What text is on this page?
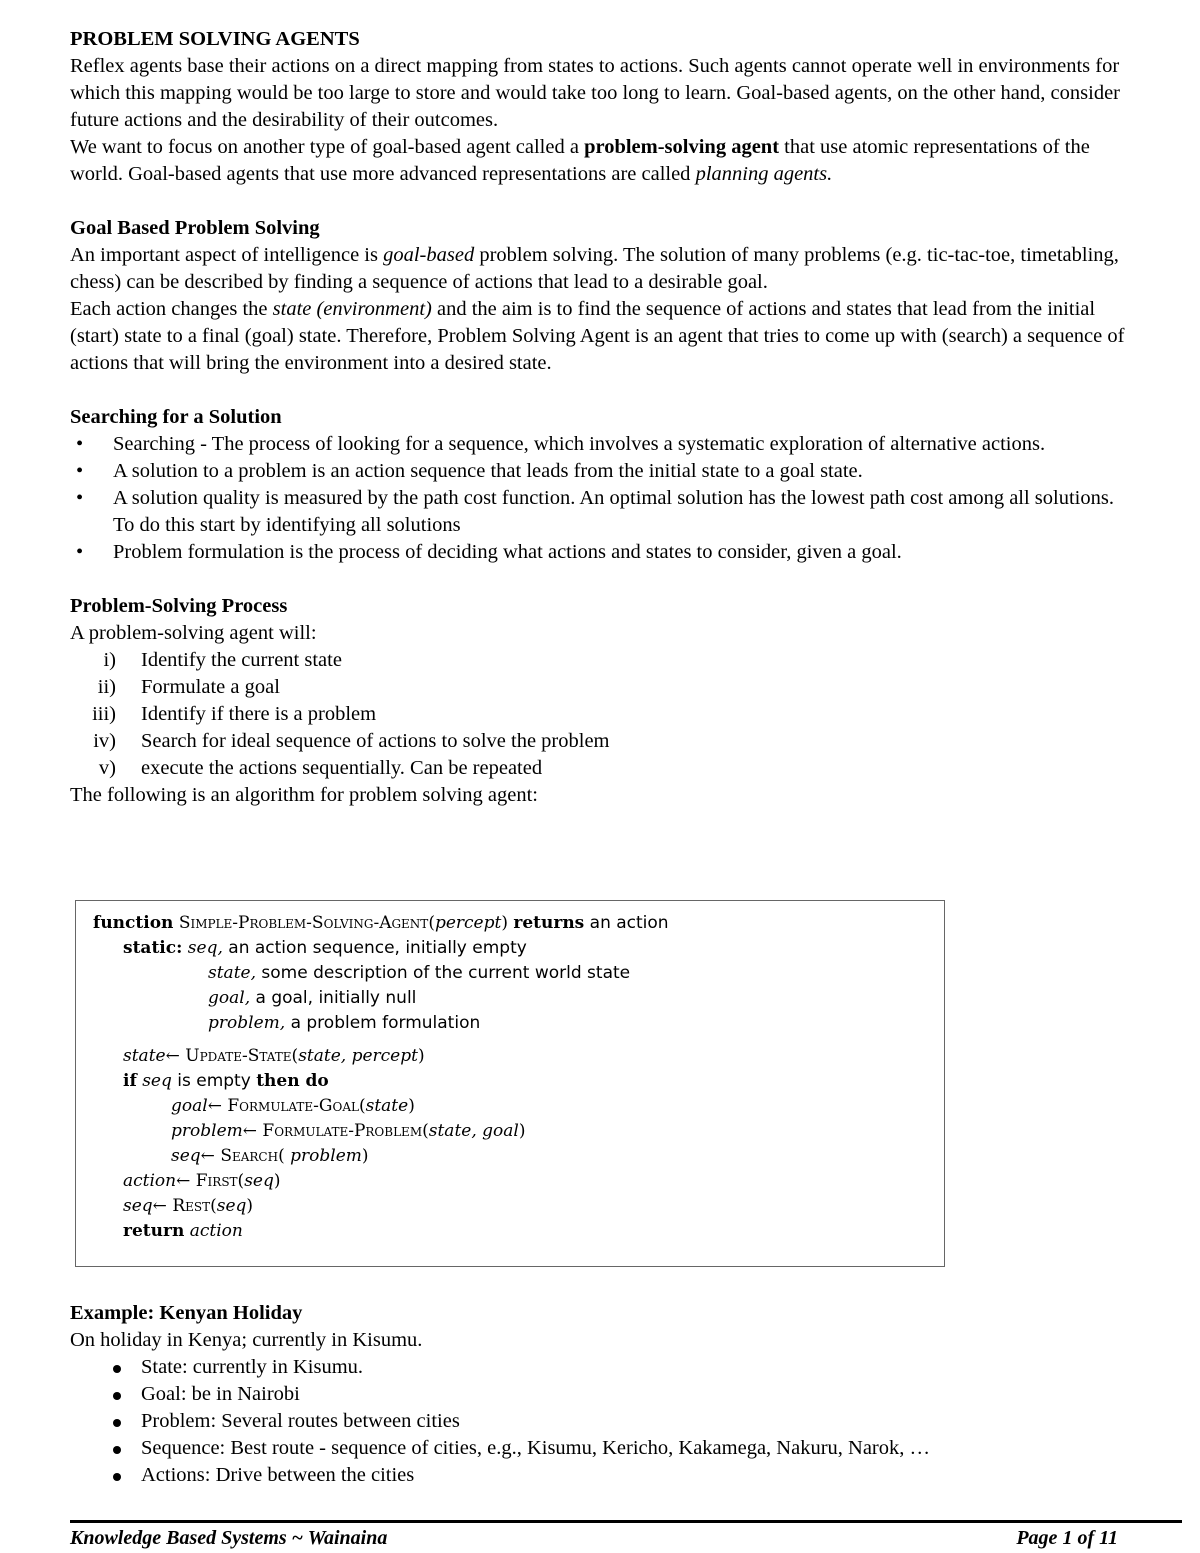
PROBLEM SOLVING AGENTS

Reflex agents base their actions on a direct mapping from states to actions. Such agents cannot operate well in environments for which this mapping would be too large to store and would take too long to learn. Goal-based agents, on the other hand, consider future actions and the desirability of their outcomes.

We want to focus on another type of goal-based agent called a problem-solving agent that use atomic representations of the world. Goal-based agents that use more advanced representations are called planning agents.

Goal Based Problem Solving

An important aspect of intelligence is goal-based problem solving. The solution of many problems (e.g. tic-tac-toe, timetabling, chess) can be described by finding a sequence of actions that lead to a desirable goal.

Each action changes the state (environment) and the aim is to find the sequence of actions and states that lead from the initial (start) state to a final (goal) state. Therefore, Problem Solving Agent is an agent that tries to come up with (search) a sequence of actions that will bring the environment into a desired state.

Searching for a Solution
• Searching - The process of looking for a sequence, which involves a systematic exploration of alternative actions.
• A solution to a problem is an action sequence that leads from the initial state to a goal state.
• A solution quality is measured by the path cost function. An optimal solution has the lowest path cost among all solutions. To do this start by identifying all solutions
• Problem formulation is the process of deciding what actions and states to consider, given a goal.
Problem-Solving Process

A problem-solving agent will:

i) Identify the current state
ii) Formulate a goal
iii) Identify if there is a problem
iv) Search for ideal sequence of actions to solve the problem
v) execute the actions sequentially. Can be repeated

The following is an algorithm for problem solving agent:

function Simple-Problem-Solving-Agent(percept) returns an action
static: seq, an action sequence, initially empty
state, some description of the current world state
goal, a goal, initially null
problem, a problem formulation
state← Update-State(state, percept)
if seq is empty then do
goal← Formulate-Goal(state)
problem← Formulate-Problem(state, goal)
seq← Search( problem)
action← First(seq)
seq← Rest(seq)
return action
Example: Kenyan Holiday

On holiday in Kenya; currently in Kisumu.

State: currently in Kisumu.
Goal: be in Nairobi
Problem: Several routes between cities
Sequence: Best route - sequence of cities, e.g., Kisumu, Kericho, Kakamega, Nakuru, Narok, …
Actions: Drive between the cities
Knowledge Based Systems ~ Wainaina	Page 1 of 11
